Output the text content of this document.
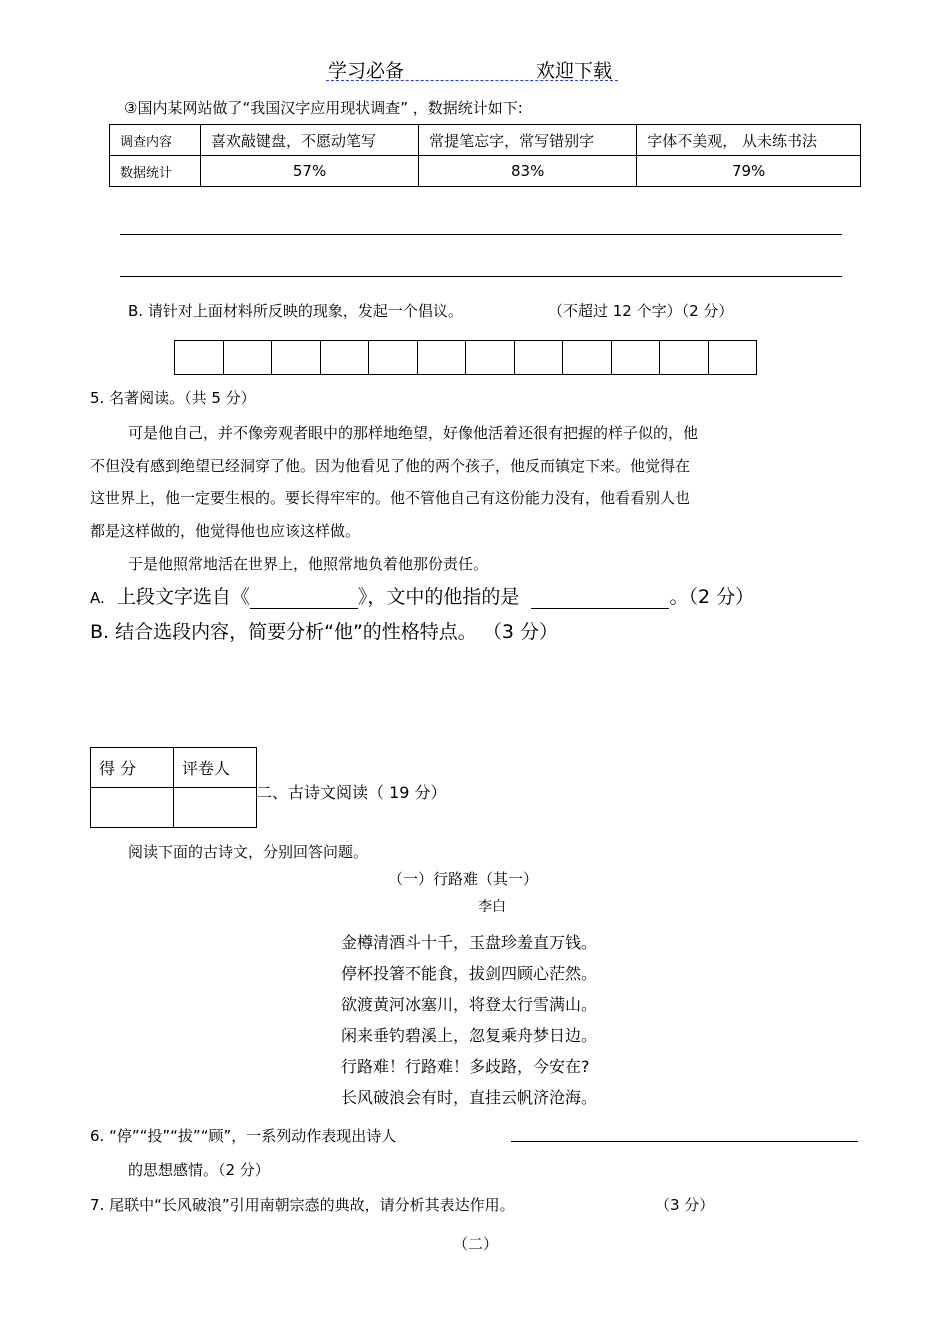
学习必备	欢迎下载
③国内某网站做了“我国汉字应用现状调查” ，数据统计如下:
调查内容	喜欢敲键盘，不愿动笔写	常提笔忘字，常写错别字	字体不美观， 从未练书法
数据统计	57%	83%	79%
B. 请针对上面材料所反映的现象，发起一个倡议。	（不超过 12 个字）（2 分）
5. 名著阅读。（共 5 分）
可是他自己，并不像旁观者眼中的那样地绝望，好像他活着还很有把握的样子似的，他
不但没有感到绝望已经洞穿了他。因为他看见了他的两个孩子，他反而镇定下来。他觉得在
这世界上，他一定要生根的。要长得牢牢的。他不管他自己有这份能力没有，他看看别人也
都是这样做的，他觉得他也应该这样做。
于是他照常地活在世界上，他照常地负着他那份责任。
A. 上段文字选自《	》，文中的他指的是	。（2 分）
B. 结合选段内容，简要分析“他”的性格特点。 （3 分）
得 分	评卷人

二、古诗文阅读（ 19 分）
阅读下面的古诗文，分别回答问题。
（一）行路难（其一）
李白
金樽清酒斗十千，玉盘珍羞直万钱。
停杯投箸不能食，拔剑四顾心茫然。
欲渡黄河冰塞川，将登太行雪满山。
闲来垂钓碧溪上，忽复乘舟梦日边。
行路难！行路难！多歧路，今安在?
长风破浪会有时，直挂云帆济沧海。
6. “停”“投”“拔”“顾”，一系列动作表现出诗人
的思想感情。（2 分）
7. 尾联中“长风破浪”引用南朝宗悫的典故，请分析其表达作用。	（3 分）
（二）
